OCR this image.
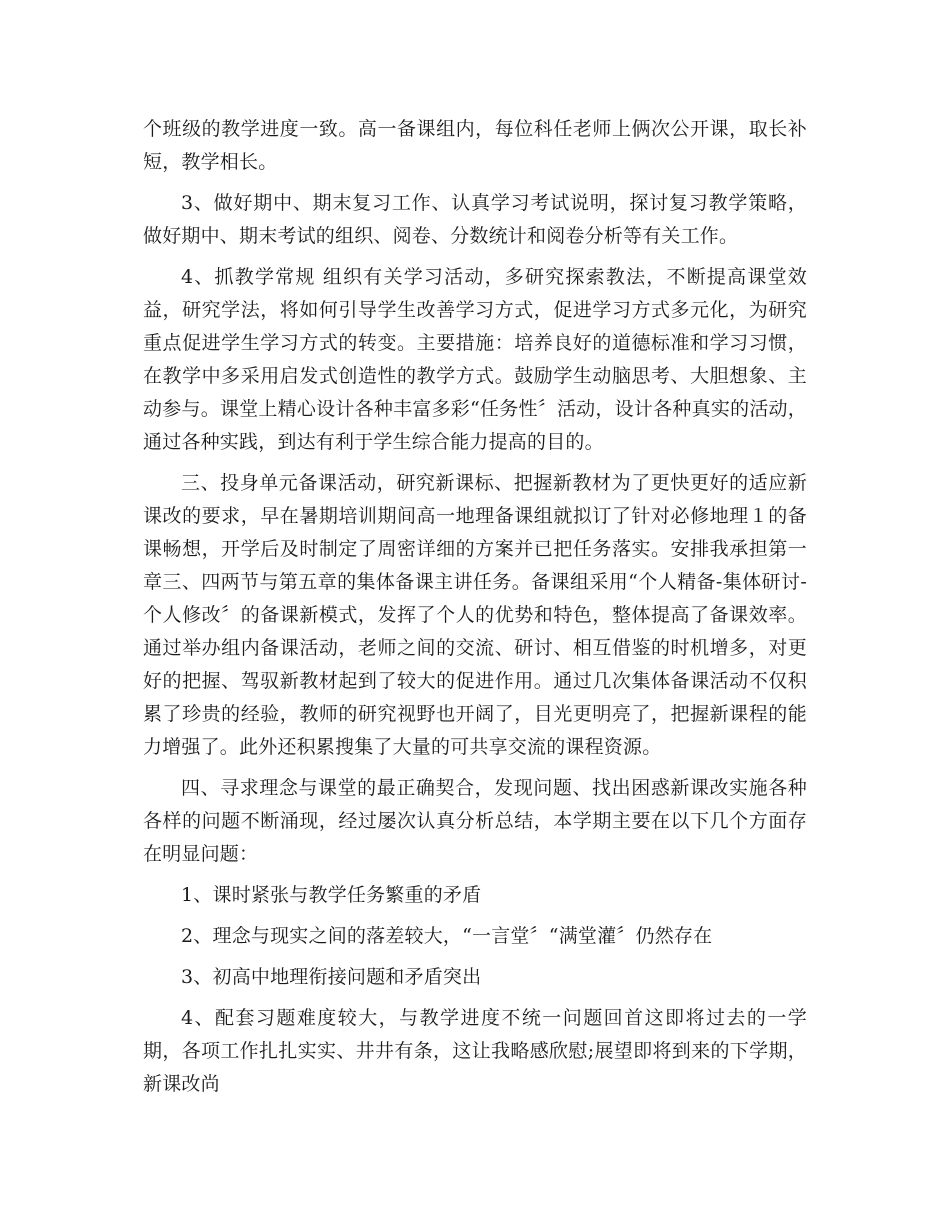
个班级的教学进度一致。高一备课组内，每位科任老师上俩次公开课，取长补短，教学相长。

3、做好期中、期末复习工作、认真学习考试说明，探讨复习教学策略，做好期中、期末考试的组织、阅卷、分数统计和阅卷分析等有关工作。

4、抓教学常规 组织有关学习活动，多研究探索教法，不断提高课堂效益，研究学法，将如何引导学生改善学习方式，促进学习方式多元化，为研究重点促进学生学习方式的转变。主要措施：培养良好的道德标准和学习习惯，在教学中多采用启发式创造性的教学方式。鼓励学生动脑思考、大胆想象、主动参与。课堂上精心设计各种丰富多彩“任务性〞活动，设计各种真实的活动，通过各种实践，到达有利于学生综合能力提高的目的。

三、投身单元备课活动，研究新课标、把握新教材为了更快更好的适应新课改的要求，早在暑期培训期间高一地理备课组就拟订了针对必修地理１的备课畅想，开学后及时制定了周密详细的方案并已把任务落实。安排我承担第一章三、四两节与第五章的集体备课主讲任务。备课组采用“个人精备-集体研讨-个人修改〞的备课新模式，发挥了个人的优势和特色，整体提高了备课效率。通过举办组内备课活动，老师之间的交流、研讨、相互借鉴的时机增多，对更好的把握、驾驭新教材起到了较大的促进作用。通过几次集体备课活动不仅积累了珍贵的经验，教师的研究视野也开阔了，目光更明亮了，把握新课程的能力增强了。此外还积累搜集了大量的可共享交流的课程资源。

四、寻求理念与课堂的最正确契合，发现问题、找出困惑新课改实施各种各样的问题不断涌现，经过屡次认真分析总结，本学期主要在以下几个方面存在明显问题：

1、课时紧张与教学任务繁重的矛盾

2、理念与现实之间的落差较大，“一言堂〞“满堂灌〞仍然存在

3、初高中地理衔接问题和矛盾突出

4、配套习题难度较大，与教学进度不统一问题回首这即将过去的一学期，各项工作扎扎实实、井井有条，这让我略感欣慰;展望即将到来的下学期，新课改尚
